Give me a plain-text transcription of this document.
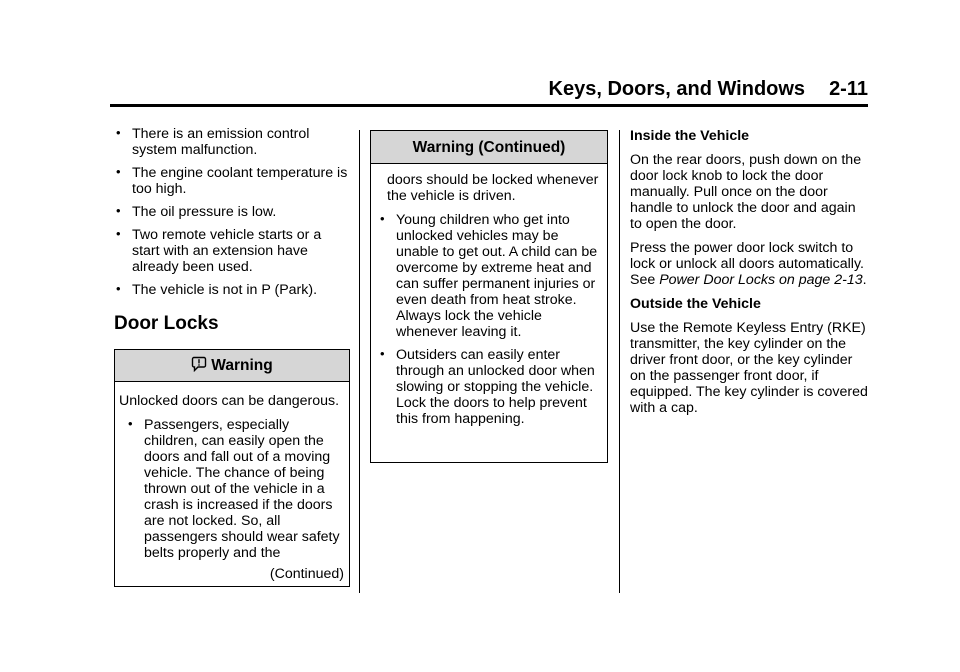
Keys, Doors, and Windows 2-11
• There is an emission control system malfunction.
• The engine coolant temperature is too high.
• The oil pressure is low.
• Two remote vehicle starts or a start with an extension have already been used.
• The vehicle is not in P (Park).
Door Locks
Warning

Unlocked doors can be dangerous.

• Passengers, especially children, can easily open the doors and fall out of a moving vehicle. The chance of being thrown out of the vehicle in a crash is increased if the doors are not locked. So, all passengers should wear safety belts properly and the
(Continued)
Warning (Continued)

doors should be locked whenever the vehicle is driven.

• Young children who get into unlocked vehicles may be unable to get out. A child can be overcome by extreme heat and can suffer permanent injuries or even death from heat stroke. Always lock the vehicle whenever leaving it.
• Outsiders can easily enter through an unlocked door when slowing or stopping the vehicle. Lock the doors to help prevent this from happening.
Inside the Vehicle

On the rear doors, push down on the door lock knob to lock the door manually. Pull once on the door handle to unlock the door and again to open the door.

Press the power door lock switch to lock or unlock all doors automatically. See Power Door Locks on page 2-13.

Outside the Vehicle

Use the Remote Keyless Entry (RKE) transmitter, the key cylinder on the driver front door, or the key cylinder on the passenger front door, if equipped. The key cylinder is covered with a cap.
